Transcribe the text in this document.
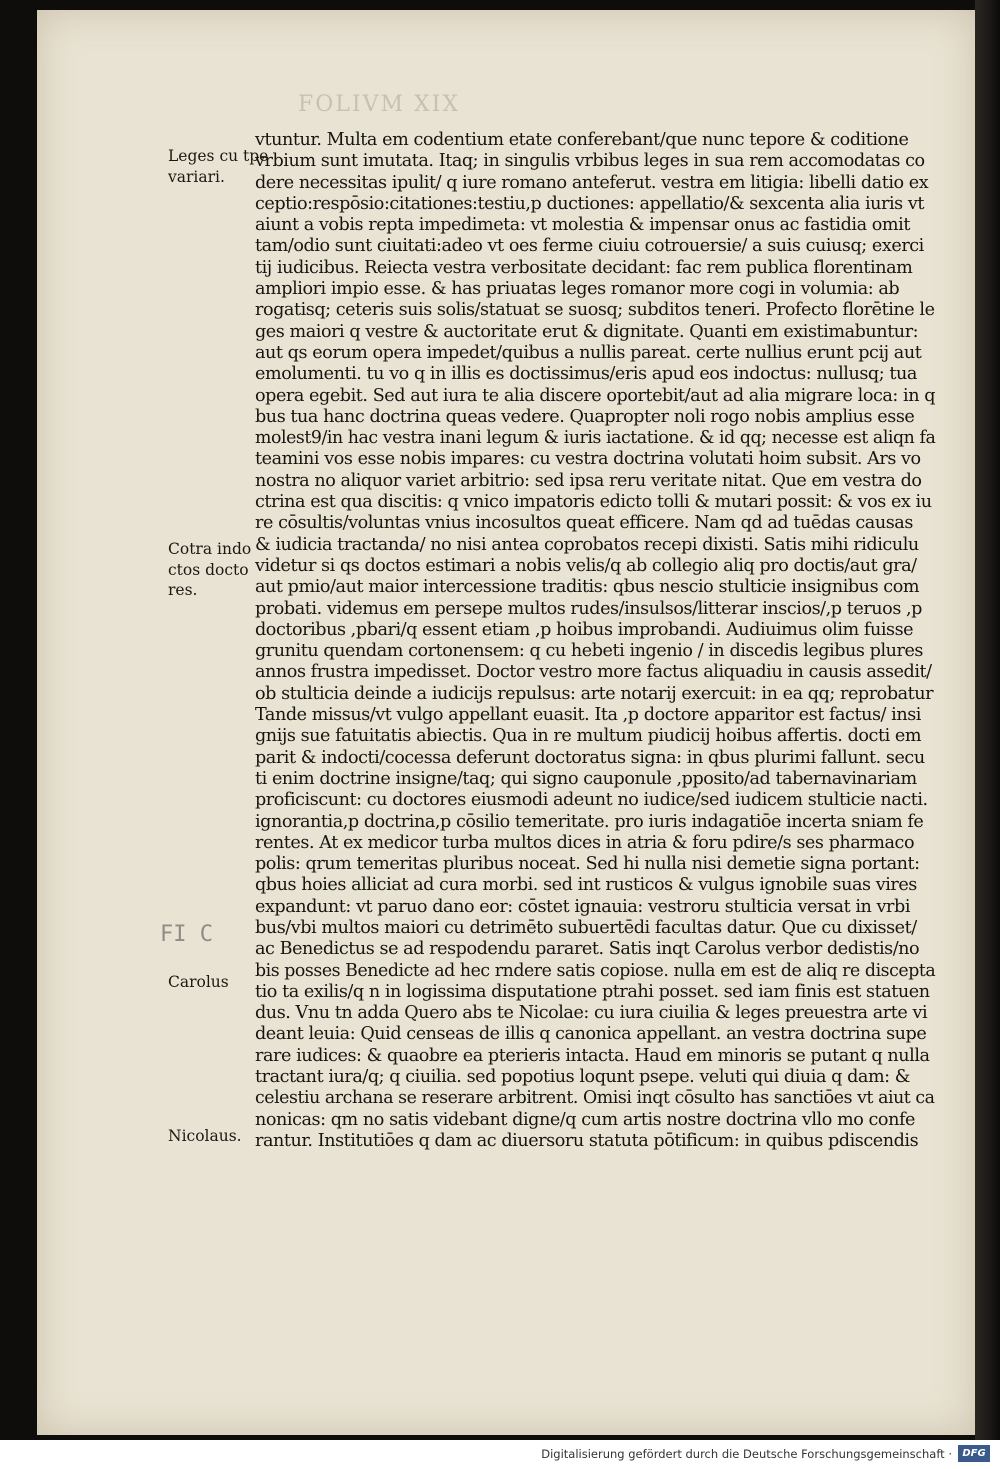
FOLIVM XIX
Leges cu tpe
variari.
Cotra indo
ctos docto
res.
FI C
Carolus
Nicolaus.
vtuntur. Multa em codentium etate conferebant/que nunc tepore & coditione
vrbium sunt imutata. Itaq; in singulis vrbibus leges in sua rem accomodatas co
dere necessitas ipulit/ q iure romano anteferut. vestra em litigia: libelli datio ex
ceptio:respōsio:citationes:testiu,p ductiones: appellatio/& sexcenta alia iuris vt
aiunt a vobis repta impedimeta: vt molestia & impensar onus ac fastidia omit
tam/odio sunt ciuitati:adeo vt oes ferme ciuiu cotrouersie/ a suis cuiusq; exerci
tij iudicibus. Reiecta vestra verbositate decidant: fac rem publica florentinam
ampliori impio esse. & has priuatas leges romanor more cogi in volumia: ab
rogatisq; ceteris suis solis/statuat se suosq; subditos teneri. Profecto florētine le
ges maiori q vestre & auctoritate erut & dignitate. Quanti em existimabuntur:
aut qs eorum opera impedet/quibus a nullis pareat. certe nullius erunt pcij aut
emolumenti. tu vo q in illis es doctissimus/eris apud eos indoctus: nullusq; tua
opera egebit. Sed aut iura te alia discere oportebit/aut ad alia migrare loca: in q
bus tua hanc doctrina queas vedere. Quapropter noli rogo nobis amplius esse
molest9/in hac vestra inani legum & iuris iactatione. & id qq; necesse est aliqn fa
teamini vos esse nobis impares: cu vestra doctrina volutati hoim subsit. Ars vo
nostra no aliquor variet arbitrio: sed ipsa reru veritate nitat. Que em vestra do
ctrina est qua discitis: q vnico impatoris edicto tolli & mutari possit: & vos ex iu
re cōsultis/voluntas vnius incosultos queat efficere. Nam qd ad tuēdas causas
& iudicia tractanda/ no nisi antea coprobatos recepi dixisti. Satis mihi ridiculu
videtur si qs doctos estimari a nobis velis/q ab collegio aliq pro doctis/aut gra/
aut pmio/aut maior intercessione traditis: qbus nescio stulticie insignibus com
probati. videmus em persepe multos rudes/insulsos/litterar inscios/,p teruos ,p
doctoribus ,pbari/q essent etiam ,p hoibus improbandi. Audiuimus olim fuisse
grunitu quendam cortonensem: q cu hebeti ingenio / in discedis legibus plures
annos frustra impedisset. Doctor vestro more factus aliquadiu in causis assedit/
ob stulticia deinde a iudicijs repulsus: arte notarij exercuit: in ea qq; reprobatur
Tande missus/vt vulgo appellant euasit. Ita ,p doctore apparitor est factus/ insi
gnijs sue fatuitatis abiectis. Qua in re multum piudicij hoibus affertis. docti em
parit & indocti/cocessa deferunt doctoratus signa: in qbus plurimi fallunt. secu
ti enim doctrine insigne/taq; qui signo cauponule ,pposito/ad tabernavinariam
proficiscunt: cu doctores eiusmodi adeunt no iudice/sed iudicem stulticie nacti.
ignorantia,p doctrina,p cōsilio temeritate. pro iuris indagatiōe incerta sniam fe
rentes. At ex medicor turba multos dices in atria & foru pdire/s ses pharmaco
polis: qrum temeritas pluribus noceat. Sed hi nulla nisi demetie signa portant:
qbus hoies alliciat ad cura morbi. sed int rusticos & vulgus ignobile suas vires
expandunt: vt paruo dano eor: cōstet ignauia: vestroru stulticia versat in vrbi
bus/vbi multos maiori cu detrimēto subuertēdi facultas datur. Que cu dixisset/
ac Benedictus se ad respodendu pararet. Satis inqt Carolus verbor dedistis/no
bis posses Benedicte ad hec rndere satis copiose. nulla em est de aliq re discepta
tio ta exilis/q n in logissima disputatione ptrahi posset. sed iam finis est statuen
dus. Vnu tn adda Quero abs te Nicolae: cu iura ciuilia & leges preuestra arte vi
deant leuia: Quid censeas de illis q canonica appellant. an vestra doctrina supe
rare iudices: & quaobre ea pterieris intacta. Haud em minoris se putant q nulla
tractant iura/q; q ciuilia. sed popotius loqunt psepe. veluti qui diuia q dam: &
celestiu archana se reserare arbitrent. Omisi inqt cōsulto has sanctiōes vt aiut ca
nonicas: qm no satis videbant digne/q cum artis nostre doctrina vllo mo confe
rantur. Institutiōes q dam ac diuersoru statuta pōtificum: in quibus pdiscendis
Digitalisierung gefördert durch die Deutsche Forschungsgemeinschaft ·	DFG
